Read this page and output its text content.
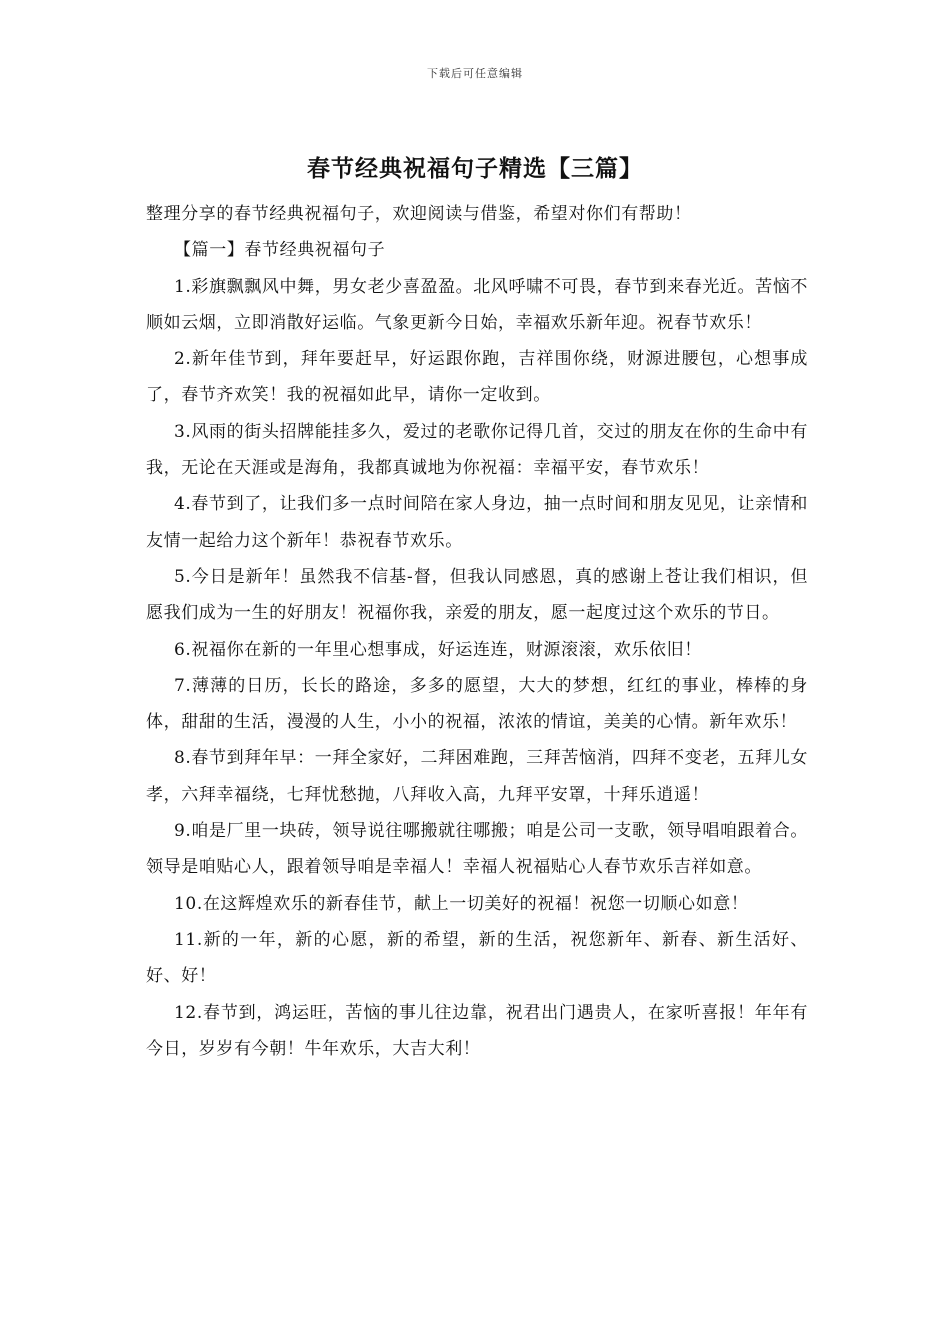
下载后可任意编辑
春节经典祝福句子精选【三篇】

整理分享的春节经典祝福句子，欢迎阅读与借鉴，希望对你们有帮助！

【篇一】春节经典祝福句子

1.彩旗飘飘风中舞，男女老少喜盈盈。北风呼啸不可畏，春节到来春光近。苦恼不顺如云烟，立即消散好运临。气象更新今日始，幸福欢乐新年迎。祝春节欢乐！

2.新年佳节到，拜年要赶早，好运跟你跑，吉祥围你绕，财源进腰包，心想事成了，春节齐欢笑！我的祝福如此早，请你一定收到。

3.风雨的街头招牌能挂多久，爱过的老歌你记得几首，交过的朋友在你的生命中有我，无论在天涯或是海角，我都真诚地为你祝福：幸福平安，春节欢乐！

4.春节到了，让我们多一点时间陪在家人身边，抽一点时间和朋友见见，让亲情和友情一起给力这个新年！恭祝春节欢乐。

5.今日是新年！虽然我不信基-督，但我认同感恩，真的感谢上苍让我们相识，但愿我们成为一生的好朋友！祝福你我，亲爱的朋友，愿一起度过这个欢乐的节日。

6.祝福你在新的一年里心想事成，好运连连，财源滚滚，欢乐依旧！

7.薄薄的日历，长长的路途，多多的愿望，大大的梦想，红红的事业，棒棒的身体，甜甜的生活，漫漫的人生，小小的祝福，浓浓的情谊，美美的心情。新年欢乐！

8.春节到拜年早：一拜全家好，二拜困难跑，三拜苦恼消，四拜不变老，五拜儿女孝，六拜幸福绕，七拜忧愁抛，八拜收入高，九拜平安罩，十拜乐逍遥！

9.咱是厂里一块砖，领导说往哪搬就往哪搬；咱是公司一支歌，领导唱咱跟着合。领导是咱贴心人，跟着领导咱是幸福人！幸福人祝福贴心人春节欢乐吉祥如意。

10.在这辉煌欢乐的新春佳节，献上一切美好的祝福！祝您一切顺心如意！

11.新的一年，新的心愿，新的希望，新的生活，祝您新年、新春、新生活好、好、好！

12.春节到，鸿运旺，苦恼的事儿往边靠，祝君出门遇贵人，在家听喜报！年年有今日，岁岁有今朝！牛年欢乐，大吉大利！
